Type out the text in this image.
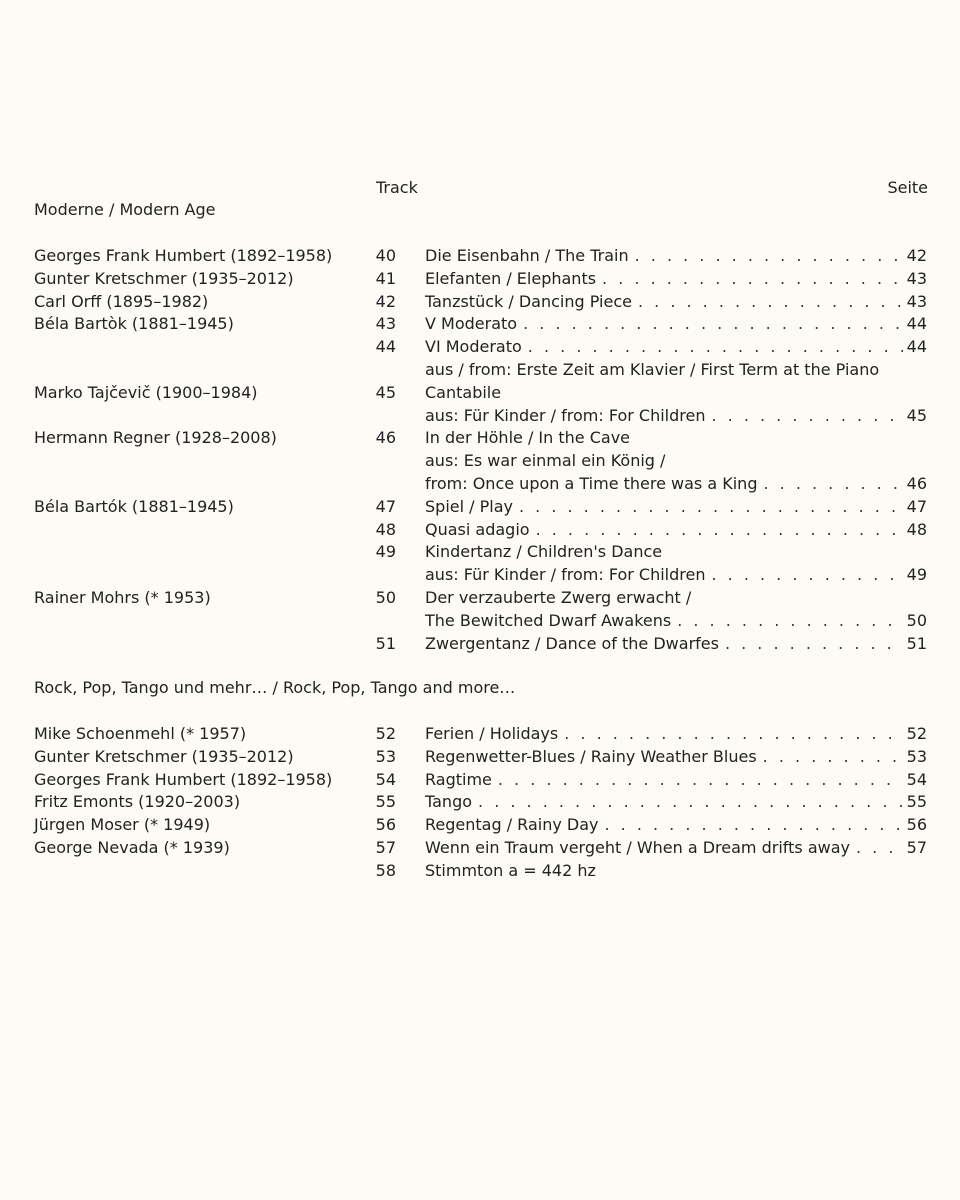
Track	Seite
Moderne / Modern Age
Georges Frank Humbert (1892–1958)	40 Die Eisenbahn / The Train . . .	42
Gunter Kretschmer (1935–2012)	41 Elefanten / Elephants . . .	43
Carl Orff (1895–1982)	42 Tanzstück / Dancing Piece . . .	43
Béla Bartòk (1881–1945)	43 V Moderato . . .	44
44 VI Moderato . . .	44
aus / from: Erste Zeit am Klavier / First Term at the Piano
Marko Tajčevič (1900–1984)	45 Cantabile
aus: Für Kinder / from: For Children . . .	45
Hermann Regner (1928–2008)	46 In der Höhle / In the Cave
aus: Es war einmal ein König /
from: Once upon a Time there was a King . . .	46
Béla Bartók (1881–1945)	47 Spiel / Play . . .	47
48 Quasi adagio . . .	48
49 Kindertanz / Children's Dance
aus: Für Kinder / from: For Children . . .	49
Rainer Mohrs (* 1953)	50 Der verzauberte Zwerg erwacht /
The Bewitched Dwarf Awakens . . .	50
51 Zwergentanz / Dance of the Dwarfes . . .	51
Rock, Pop, Tango und mehr… / Rock, Pop, Tango and more…
Mike Schoenmehl (* 1957)	52 Ferien / Holidays . . .	52
Gunter Kretschmer (1935–2012)	53 Regenwetter-Blues / Rainy Weather Blues . . .	53
Georges Frank Humbert (1892–1958)	54 Ragtime . . .	54
Fritz Emonts (1920–2003)	55 Tango . . .	55
Jürgen Moser (* 1949)	56 Regentag / Rainy Day . . .	56
George Nevada (* 1939)	57 Wenn ein Traum vergeht / When a Dream drifts away . . .	57
58 Stimmton a = 442 hz
